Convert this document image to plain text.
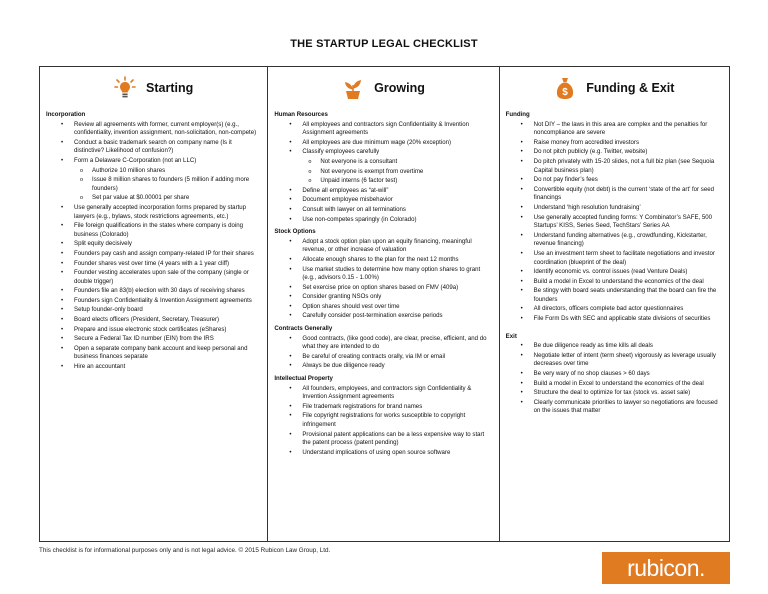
THE STARTUP LEGAL CHECKLIST
Starting
Incorporation
• Review all agreements with former, current employer(s) (e.g., confidentiality, invention assignment, non-solicitation, non-compete)
• Conduct a basic trademark search on company name (Is it distinctive? Likelihood of confusion?)
• Form a Delaware C-Corporation (not an LLC)
o Authorize 10 million shares
o Issue 8 million shares to founders (5 million if adding more founders)
o Set par value at $0.00001 per share
• Use generally accepted incorporation forms prepared by startup lawyers (e.g., bylaws, stock restrictions agreements, etc.)
• File foreign qualifications in the states where company is doing business (Colorado)
• Split equity decisively
• Founders pay cash and assign company-related IP for their shares
• Founder shares vest over time (4 years with a 1 year cliff)
• Founder vesting accelerates upon sale of the company (single or double trigger)
• Founders file an 83(b) election with 30 days of receiving shares
• Founders sign Confidentiality & Invention Assignment agreements
• Setup founder-only board
• Board elects officers (President, Secretary, Treasurer)
• Prepare and issue electronic stock certificates (eShares)
• Secure a Federal Tax ID number (EIN) from the IRS
• Open a separate company bank account and keep personal and business finances separate
• Hire an accountant
Growing
Human Resources
• All employees and contractors sign Confidentiality & Invention Assignment agreements
• All employees are due minimum wage (20% exception)
• Classify employees carefully
o Not everyone is a consultant
o Not everyone is exempt from overtime
o Unpaid interns (6 factor test)
• Define all employees as “at-will”
• Document employee misbehavior
• Consult with lawyer on all terminations
• Use non-competes sparingly (in Colorado)
Stock Options
• Adopt a stock option plan upon an equity financing, meaningful revenue, or other increase of valuation
• Allocate enough shares to the plan for the next 12 months
• Use market studies to determine how many option shares to grant (e.g., advisors 0.15 - 1.00%)
• Set exercise price on option shares based on FMV (409a)
• Consider granting NSOs only
• Option shares should vest over time
• Carefully consider post-termination exercise periods
Contracts Generally
• Good contracts, (like good code), are clear, precise, efficient, and do what they are intended to do
• Be careful of creating contracts orally, via IM or email
• Always be due diligence ready
Intellectual Property
• All founders, employees, and contractors sign Confidentiality & Invention Assignment agreements
• File trademark registrations for brand names
• File copyright registrations for works susceptible to copyright infringement
• Provisional patent applications can be a less expensive way to start the patent process (patent pending)
• Understand implications of using open source software
$ Funding & Exit
Funding
• Not DIY – the laws in this area are complex and the penalties for noncompliance are severe
• Raise money from accredited investors
• Do not pitch publicly (e.g. Twitter, website)
• Do pitch privately with 15-20 slides, not a full biz plan (see Sequoia Capital business plan)
• Do not pay finder’s fees
• Convertible equity (not debt) is the current ‘state of the art’ for seed financings
• Understand ‘high resolution fundraising’
• Use generally accepted funding forms: Y Combinator’s SAFE, 500 Startups’ KISS, Series Seed, TechStars’ Series AA
• Understand funding alternatives (e.g., crowdfunding, Kickstarter, revenue financing)
• Use an investment term sheet to facilitate negotiations and investor coordination (blueprint of the deal)
• Identify economic vs. control issues (read Venture Deals)
• Build a model in Excel to understand the economics of the deal
• Be stingy with board seats understanding that the board can fire the founders
• All directors, officers complete bad actor questionnaires
• File Form Ds with SEC and applicable state divisions of securities
Exit
• Be due diligence ready as time kills all deals
• Negotiate letter of intent (term sheet) vigorously as leverage usually decreases over time
• Be very wary of no shop clauses > 60 days
• Build a model in Excel to understand the economics of the deal
• Structure the deal to optimize for tax (stock vs. asset sale)
• Clearly communicate priorities to lawyer so negotiations are focused on the issues that matter
This checklist is for informational purposes only and is not legal advice. © 2015 Rubicon Law Group, Ltd.
rubicon.
